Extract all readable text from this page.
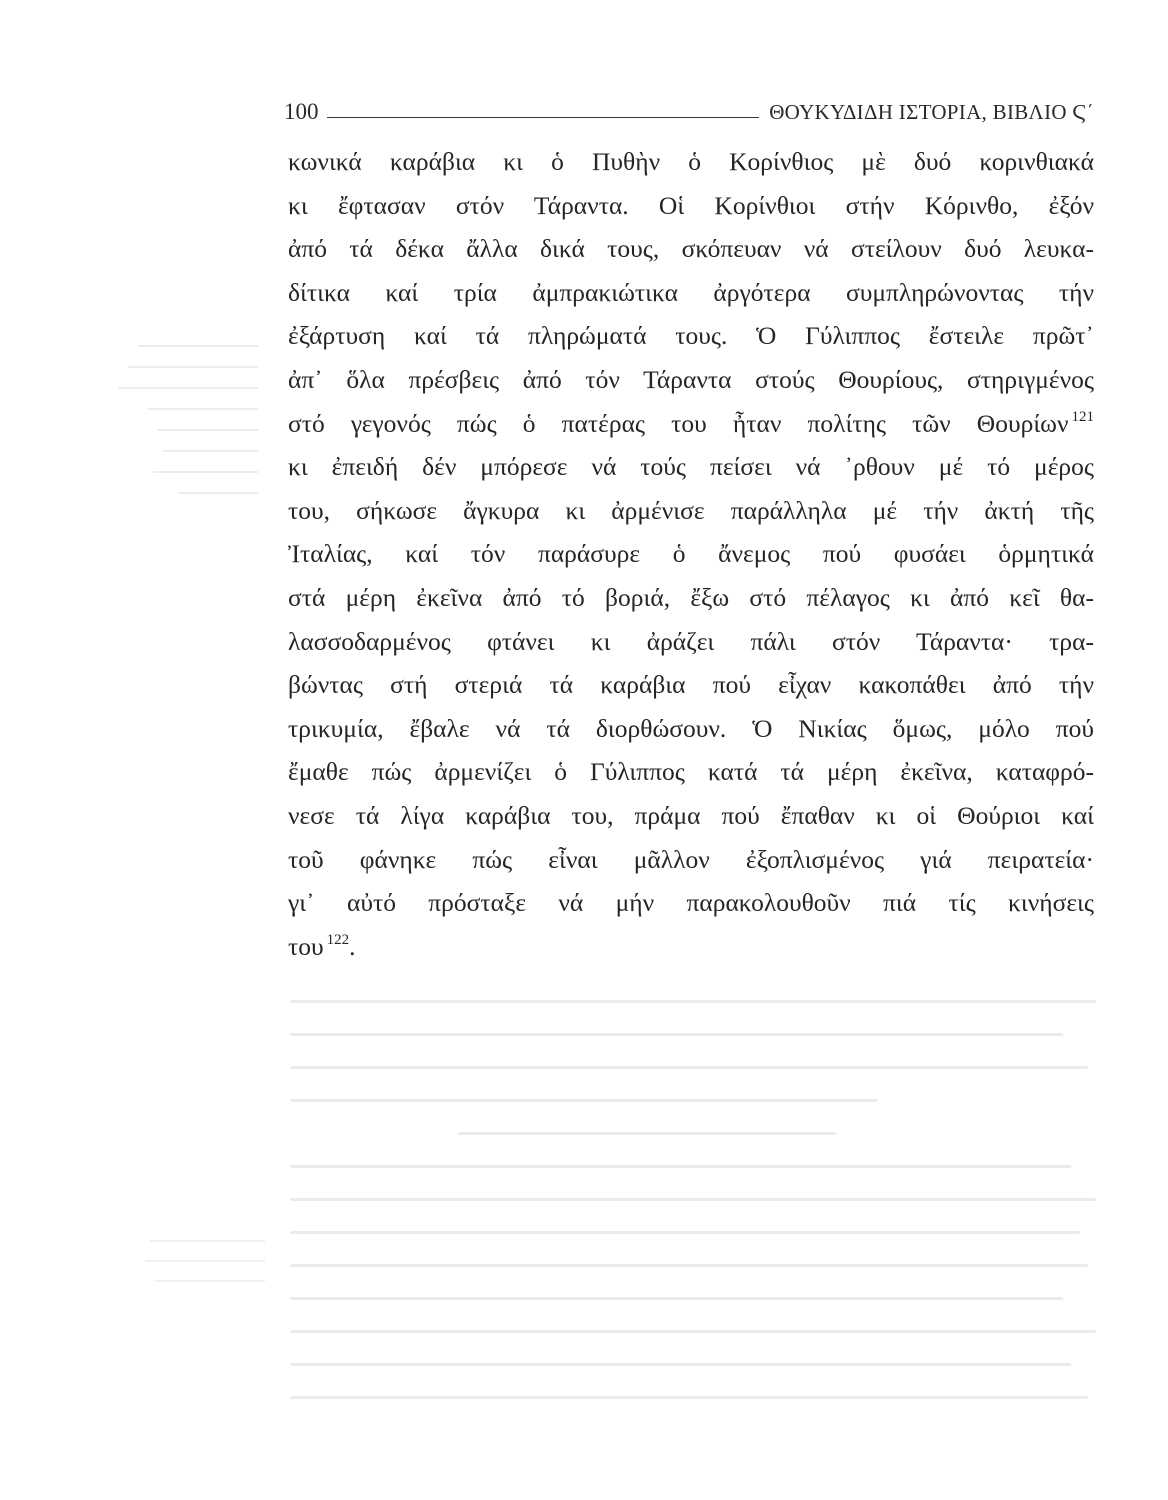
100	ΘΟΥΚΥΔΙΔΗ ΙΣΤΟΡΙΑ, ΒΙΒΛΙΟ Ϛ΄
κωνικά καράβια κι ὁ Πυθὴν ὁ Κορίνθιος μὲ δυό κορινθιακά
κι ἔφτασαν στόν Τάραντα. Οἱ Κορίνθιοι στήν Κόρινθο, ἐξόν
ἀπό τά δέκα ἄλλα δικά τους, σκόπευαν νά στείλουν δυό λευκα-
δίτικα καί τρία ἀμπρακιώτικα ἀργότερα συμπληρώνοντας τήν
ἐξάρτυση καί τά πληρώματά τους. Ὁ Γύλιππος ἔστειλε πρῶτ᾽
ἀπ᾽ ὅλα πρέσβεις ἀπό τόν Τάραντα στούς Θουρίους, στηριγμένος
στό γεγονός πώς ὁ πατέρας του ἦταν πολίτης τῶν Θουρίων $^{121}$
κι ἐπειδή δέν μπόρεσε νά τούς πείσει νά ᾽ρθουν μέ τό μέρος
του, σήκωσε ἄγκυρα κι ἀρμένισε παράλληλα μέ τήν ἀκτή τῆς
Ἰταλίας, καί τόν παράσυρε ὁ ἄνεμος πού φυσάει ὁρμητικά
στά μέρη ἐκεῖνα ἀπό τό βοριά, ἔξω στό πέλαγος κι ἀπό κεῖ θα-
λασσοδαρμένος φτάνει κι ἀράζει πάλι στόν Τάραντα· τρα-
βώντας στή στεριά τά καράβια πού εἶχαν κακοπάθει ἀπό τήν
τρικυμία, ἔβαλε νά τά διορθώσουν. Ὁ Νικίας ὅμως, μόλο πού
ἔμαθε πώς ἀρμενίζει ὁ Γύλιππος κατά τά μέρη ἐκεῖνα, καταφρό-
νεσε τά λίγα καράβια του, πράμα πού ἔπαθαν κι οἱ Θούριοι καί
τοῦ φάνηκε πώς εἶναι μᾶλλον ἐξοπλισμένος γιά πειρατεία·
γι᾽ αὐτό πρόσταξε νά μήν παρακολουθοῦν πιά τίς κινήσεις
του $^{122}$.
